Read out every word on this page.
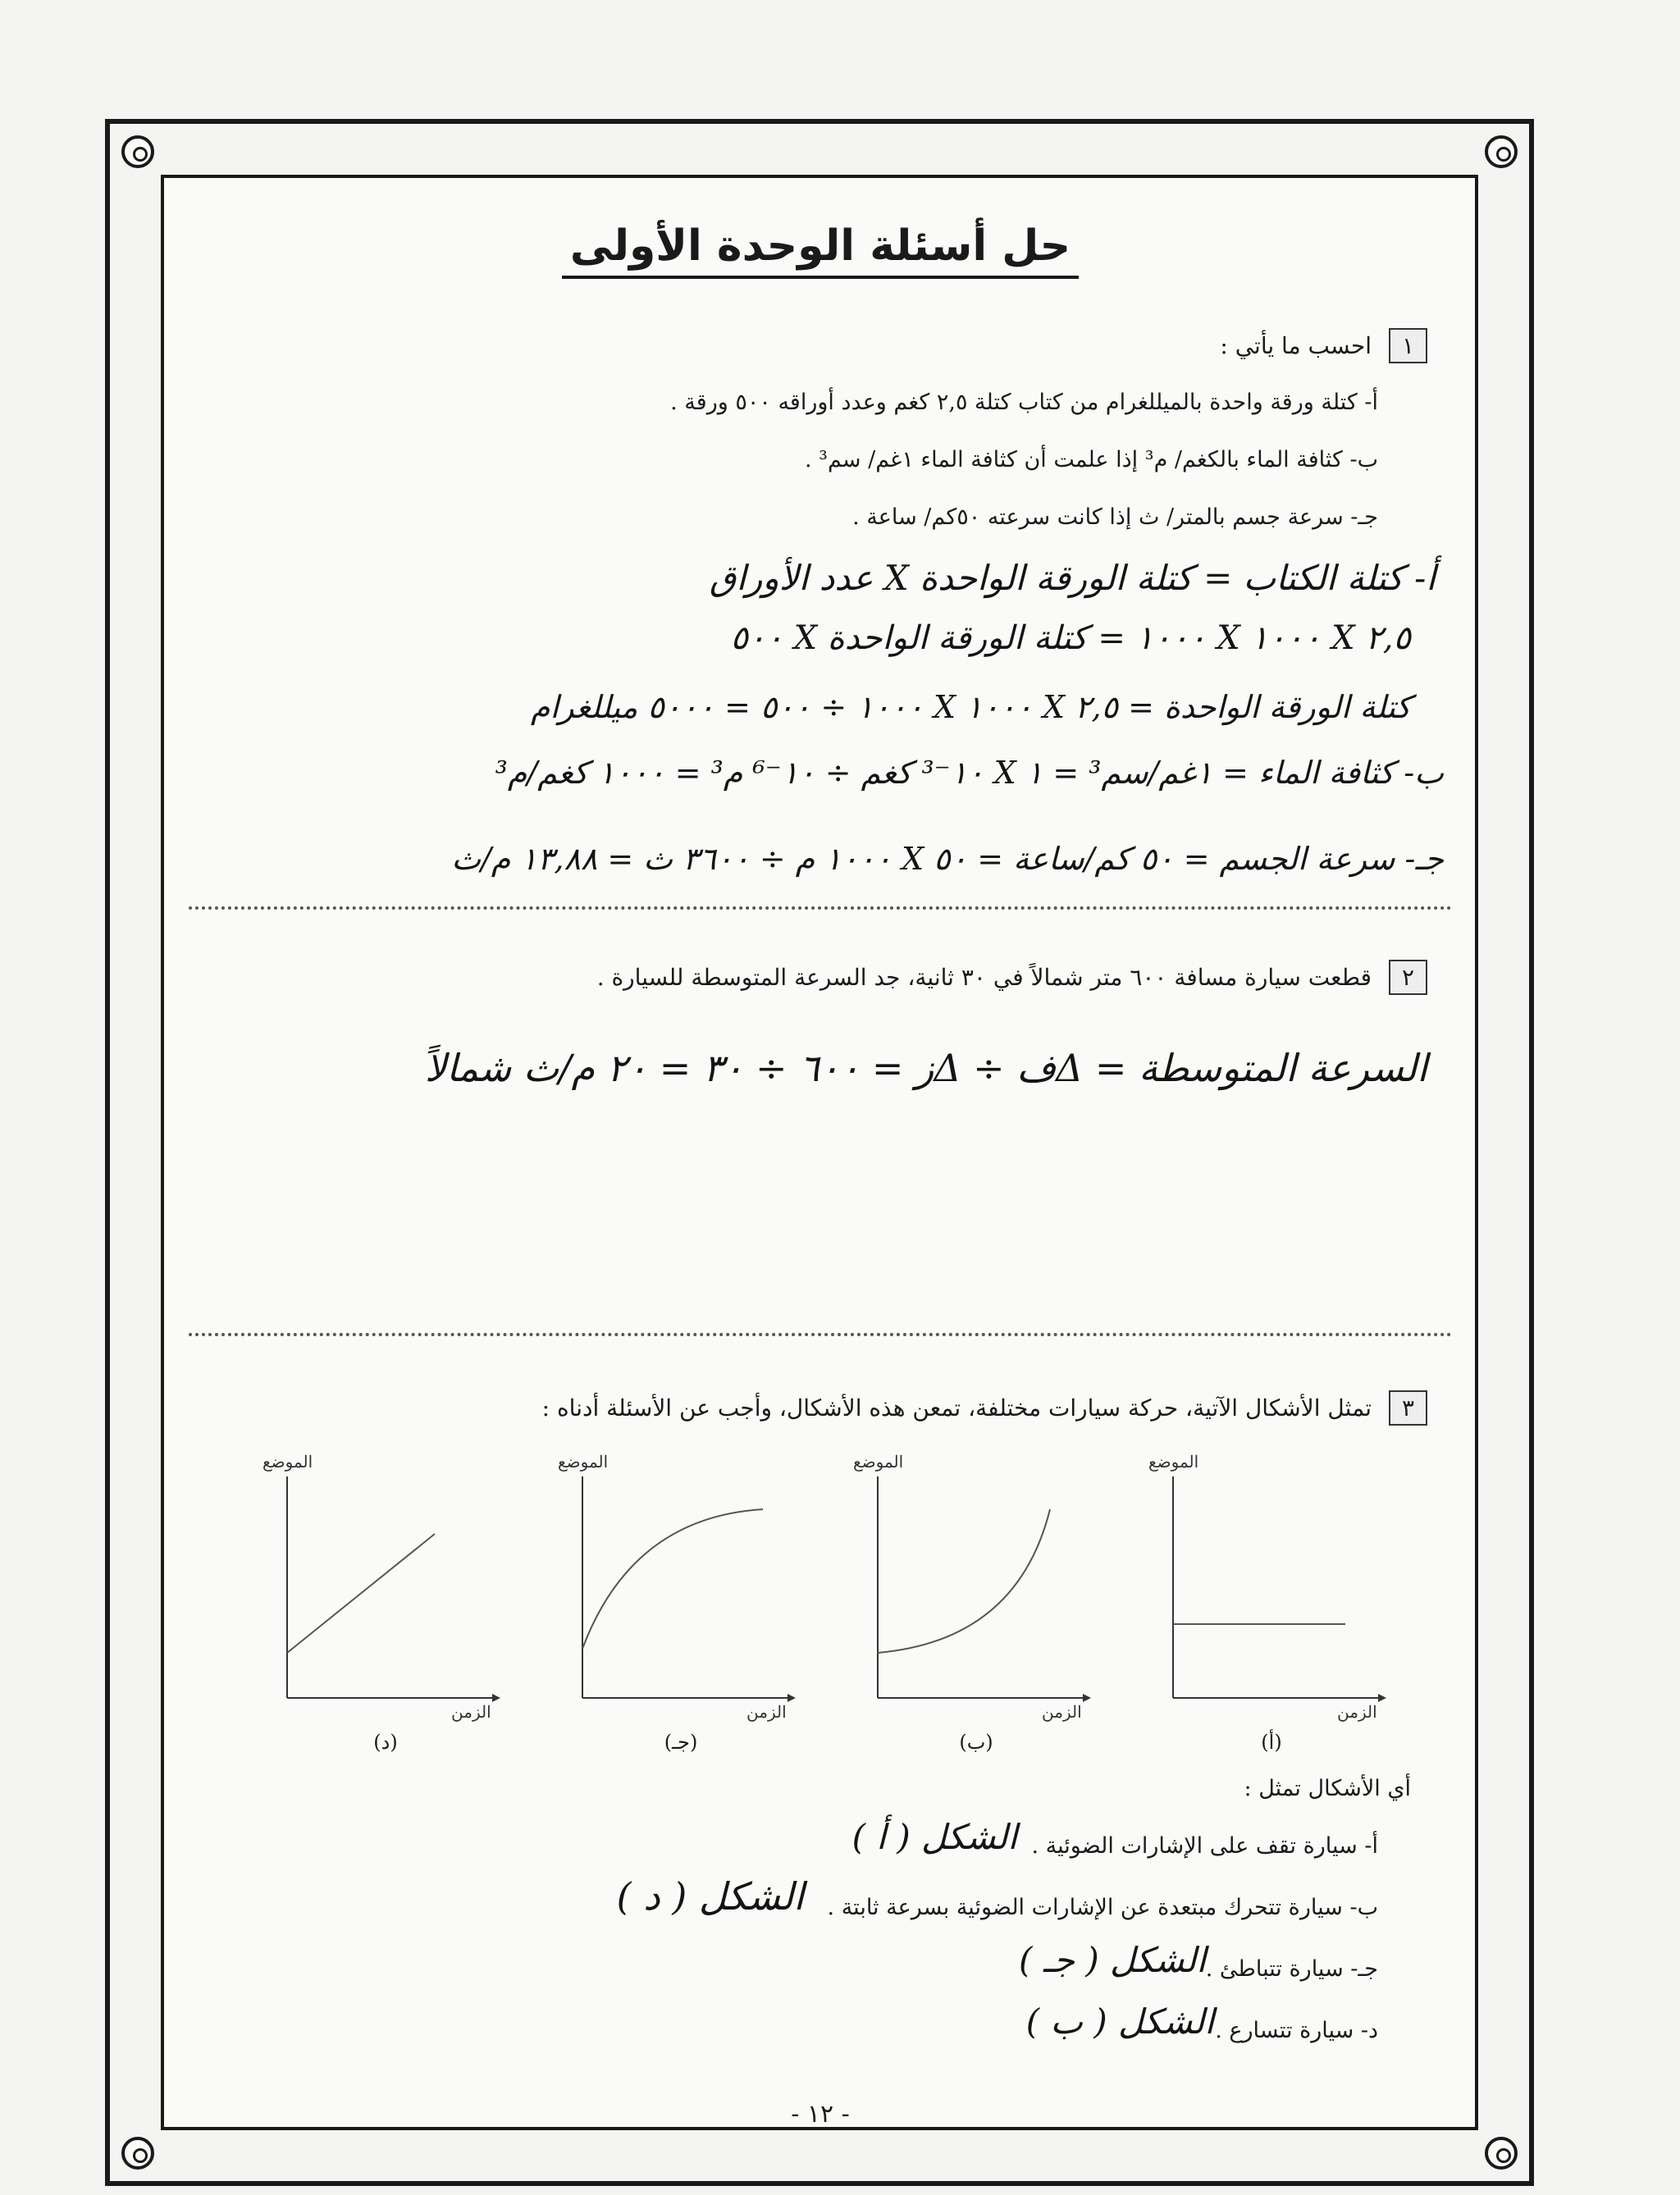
حل أسئلة الوحدة الأولى
١ احسب ما يأتي :
أ- كتلة ورقة واحدة بالميللغرام من كتاب كتلة ٢,٥ كغم وعدد أوراقه ٥٠٠ ورقة .
ب- كثافة الماء بالكغم/ م³ إذا علمت أن كثافة الماء ١غم/ سم³ .
جـ- سرعة جسم بالمتر/ ث إذا كانت سرعته ٥٠كم/ ساعة .
أ- كتلة الكتاب = كتلة الورقة الواحدة X عدد الأوراق
٢,٥ X ١٠٠٠ X ١٠٠٠ = كتلة الورقة الواحدة X ٥٠٠
كتلة الورقة الواحدة = ٢,٥ X ١٠٠٠ X ١٠٠٠ ÷ ٥٠٠ = ٥٠٠٠ ميللغرام
ب- كثافة الماء = ١غم/سم³ = ١ X ١٠⁻³ كغم ÷ ١٠⁻⁶ م³ = ١٠٠٠ كغم/م³
جـ- سرعة الجسم = ٥٠ كم/ساعة = ٥٠ X ١٠٠٠ م ÷ ٣٦٠٠ ث = ١٣,٨٨ م/ث
٢ قطعت سيارة مسافة ٦٠٠ متر شمالاً في ٣٠ ثانية، جد السرعة المتوسطة للسيارة .
السرعة المتوسطة = Δف ÷ Δز = ٦٠٠ ÷ ٣٠ = ٢٠ م/ث شمالاً
٣ تمثل الأشكال الآتية، حركة سيارات مختلفة، تمعن هذه الأشكال، وأجب عن الأسئلة أدناه :
الموضع
الزمن
(د)
الموضع
الزمن
(جـ)
الموضع
الزمن
(ب)
الموضع
الزمن
(أ)
أي الأشكال تمثل :
أ- سيارة تقف على الإشارات الضوئية .
الشكل ( أ )
ب- سيارة تتحرك مبتعدة عن الإشارات الضوئية بسرعة ثابتة .
الشكل ( د )
جـ- سيارة تتباطئ .
الشكل ( جـ )
د- سيارة تتسارع .
الشكل ( ب )
- ١٢ -
